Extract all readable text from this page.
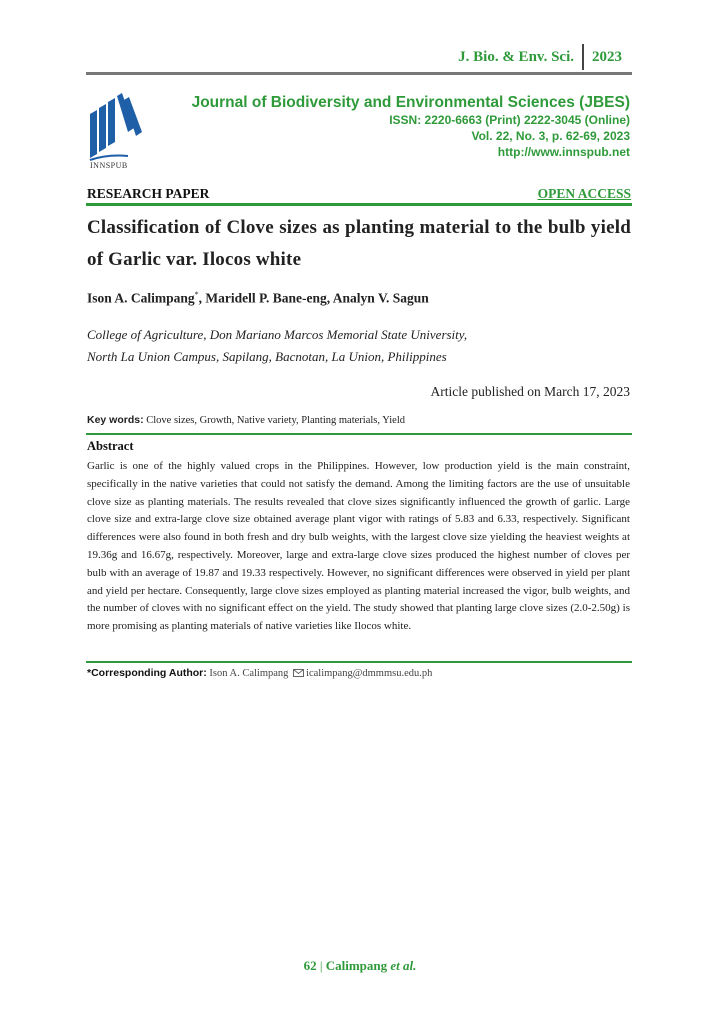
J. Bio. & Env. Sci. 2023
INNSPUB
Journal of Biodiversity and Environmental Sciences (JBES)
ISSN: 2220-6663 (Print) 2222-3045 (Online)
Vol. 22, No. 3, p. 62-69, 2023
http://www.innspub.net
RESEARCH PAPER	OPEN ACCESS
Classification of Clove sizes as planting material to the bulb yield of Garlic var. Ilocos white
Ison A. Calimpang*, Maridell P. Bane-eng, Analyn V. Sagun
College of Agriculture, Don Mariano Marcos Memorial State University,
North La Union Campus, Sapilang, Bacnotan, La Union, Philippines
Article published on March 17, 2023
Key words: Clove sizes, Growth, Native variety, Planting materials, Yield
Abstract
Garlic is one of the highly valued crops in the Philippines. However, low production yield is the main constraint, specifically in the native varieties that could not satisfy the demand. Among the limiting factors are the use of unsuitable clove size as planting materials. The results revealed that clove sizes significantly influenced the growth of garlic. Large clove size and extra-large clove size obtained average plant vigor with ratings of 5.83 and 6.33, respectively. Significant differences were also found in both fresh and dry bulb weights, with the largest clove size yielding the heaviest weights at 19.36g and 16.67g, respectively. Moreover, large and extra-large clove sizes produced the highest number of cloves per bulb with an average of 19.87 and 19.33 respectively. However, no significant differences were observed in yield per plant and yield per hectare. Consequently, large clove sizes employed as planting material increased the vigor, bulb weights, and the number of cloves with no significant effect on the yield. The study showed that planting large clove sizes (2.0-2.50g) is more promising as planting materials of native varieties like Ilocos white.
*Corresponding Author: Ison A. Calimpang icalimpang@dmmmsu.edu.ph
62 | Calimpang et al.
